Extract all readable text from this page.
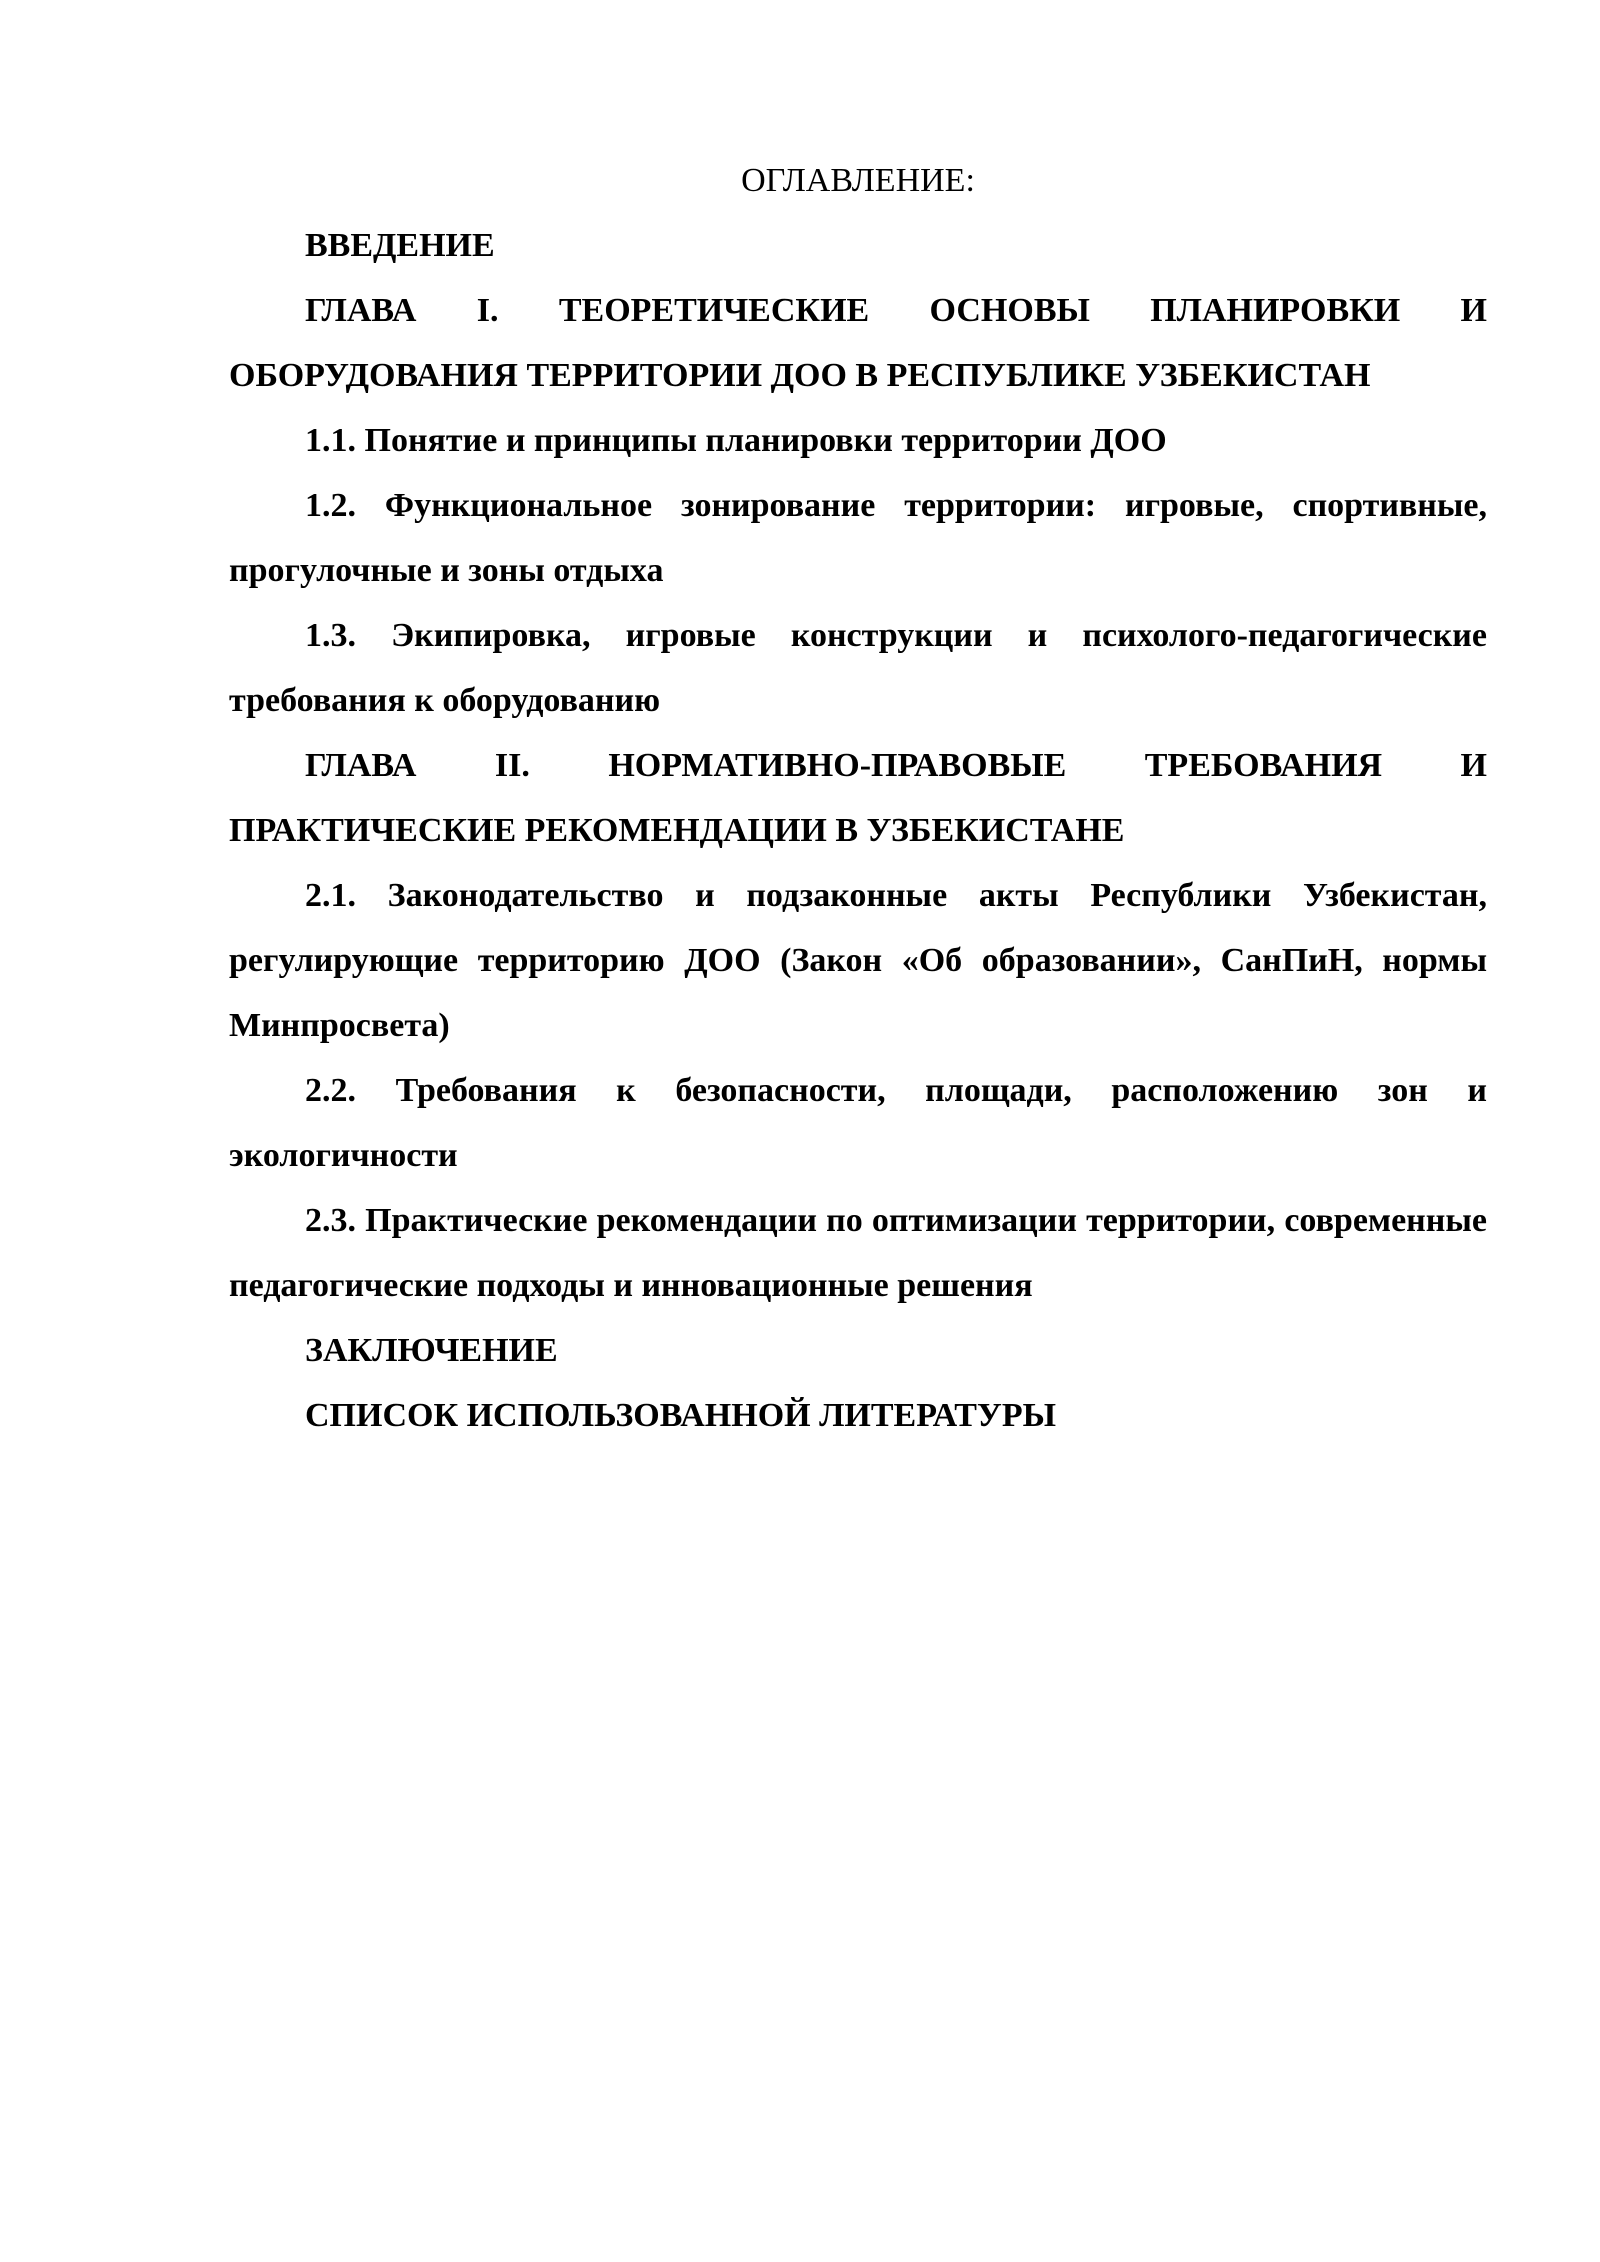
ОГЛАВЛЕНИЕ:

ВВЕДЕНИЕ

ГЛАВА I. ТЕОРЕТИЧЕСКИЕ ОСНОВЫ ПЛАНИРОВКИ И ОБОРУДОВАНИЯ ТЕРРИТОРИИ ДОО В РЕСПУБЛИКЕ УЗБЕКИСТАН

1.1. Понятие и принципы планировки территории ДОО

1.2. Функциональное зонирование территории: игровые, спортивные, прогулочные и зоны отдыха

1.3. Экипировка, игровые конструкции и психолого-педагогические требования к оборудованию

ГЛАВА II. НОРМАТИВНО-ПРАВОВЫЕ ТРЕБОВАНИЯ И ПРАКТИЧЕСКИЕ РЕКОМЕНДАЦИИ В УЗБЕКИСТАНЕ

2.1. Законодательство и подзаконные акты Республики Узбекистан, регулирующие территорию ДОО (Закон «Об образовании», СанПиН, нормы Минпросвета)

2.2. Требования к безопасности, площади, расположению зон и экологичности

2.3. Практические рекомендации по оптимизации территории, современные педагогические подходы и инновационные решения

ЗАКЛЮЧЕНИЕ

СПИСОК ИСПОЛЬЗОВАННОЙ ЛИТЕРАТУРЫ
